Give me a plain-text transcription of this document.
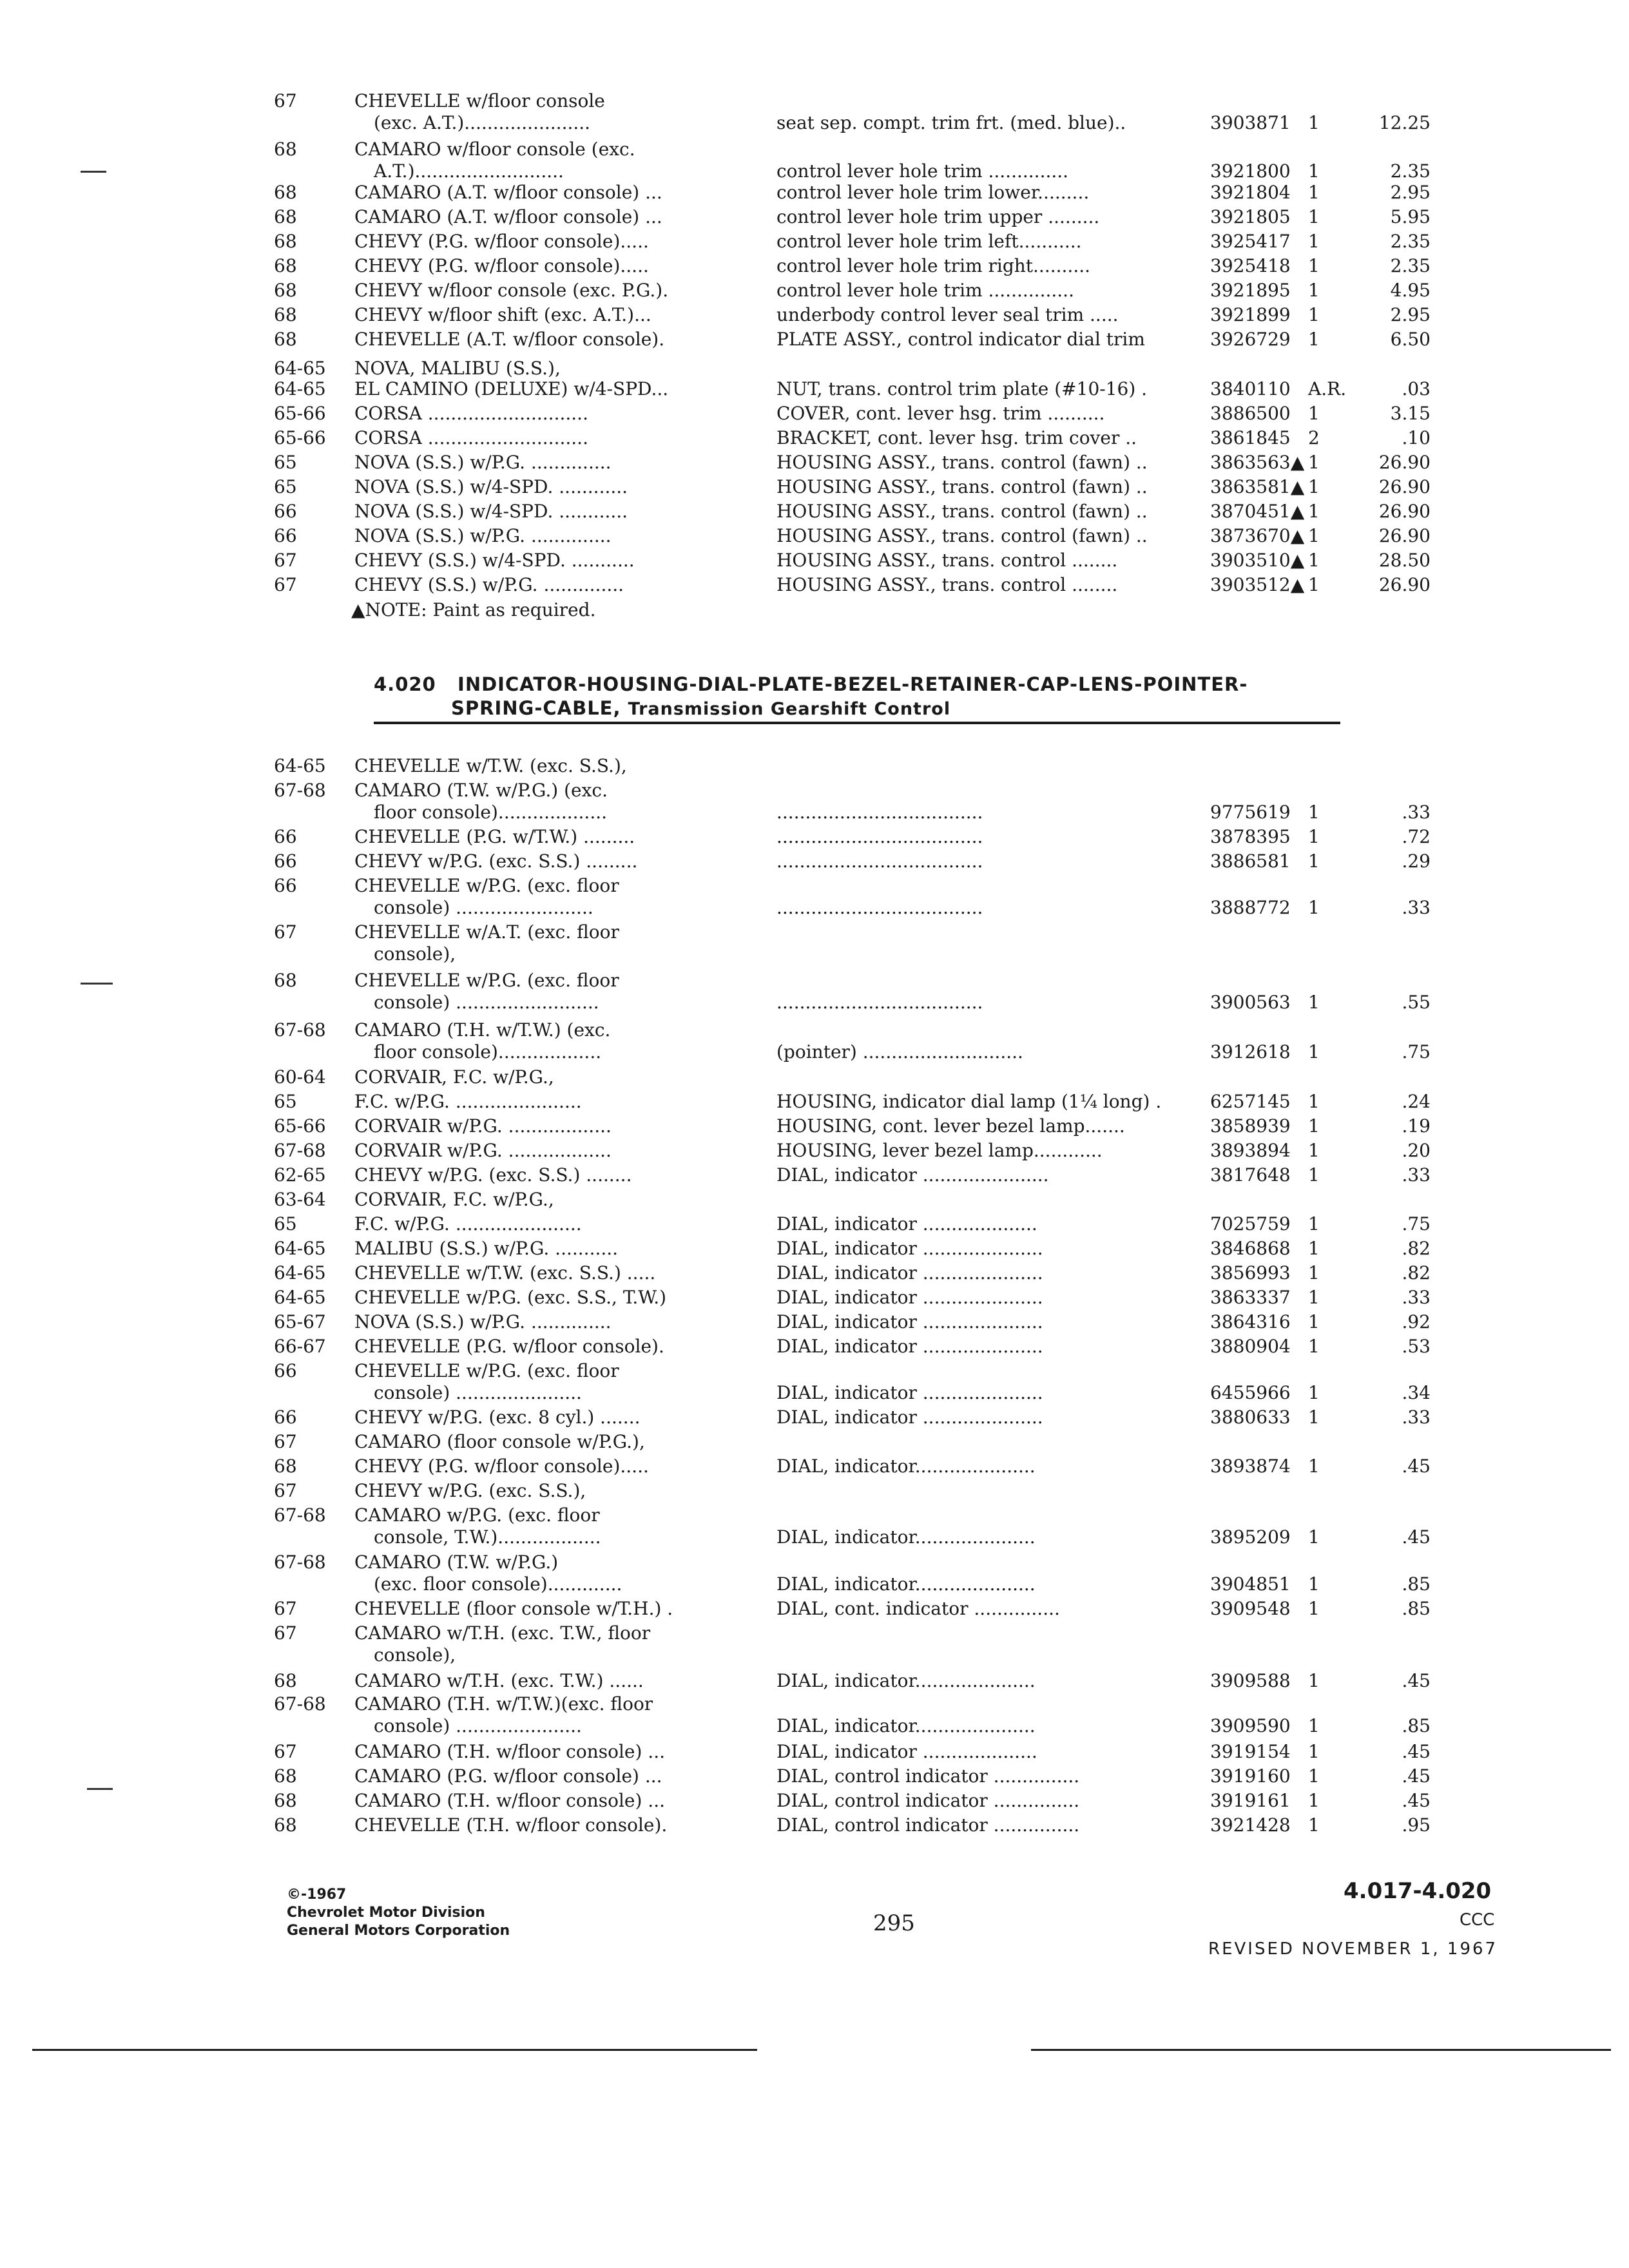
67	CHEVELLE w/floor console
(exc. A.T.)......................	seat sep. compt. trim frt. (med. blue)..	3903871 1	12.25
68	CAMARO w/floor console (exc.
A.T.)..........................	control lever hole trim ..............	3921800 1	2.35
68	CAMARO (A.T. w/floor console) ...	control lever hole trim lower.........	3921804 1	2.95
68	CAMARO (A.T. w/floor console) ...	control lever hole trim upper .........	3921805 1	5.95
68	CHEVY (P.G. w/floor console).....	control lever hole trim left...........	3925417 1	2.35
68	CHEVY (P.G. w/floor console).....	control lever hole trim right..........	3925418 1	2.35
68	CHEVY w/floor console (exc. P.G.).	control lever hole trim ...............	3921895 1	4.95
68	CHEVY w/floor shift (exc. A.T.)...	underbody control lever seal trim .....	3921899 1	2.95
68	CHEVELLE (A.T. w/floor console).	PLATE ASSY., control indicator dial trim	3926729 1	6.50
64-65 NOVA, MALIBU (S.S.),
64-65 EL CAMINO (DELUXE) w/4-SPD...	NUT, trans. control trim plate (#10-16) .	3840110 A.R.	.03
65-66 CORSA ............................	COVER, cont. lever hsg. trim ..........	3886500 1	3.15
65-66 CORSA ............................	BRACKET, cont. lever hsg. trim cover ..	3861845 2	.10
65	NOVA (S.S.) w/P.G. ..............	HOUSING ASSY., trans. control (fawn) ..	3863563▲ 1	26.90
65	NOVA (S.S.) w/4-SPD. ............	HOUSING ASSY., trans. control (fawn) ..	3863581▲ 1	26.90
66	NOVA (S.S.) w/4-SPD. ............	HOUSING ASSY., trans. control (fawn) ..	3870451▲ 1	26.90
66	NOVA (S.S.) w/P.G. ..............	HOUSING ASSY., trans. control (fawn) ..	3873670▲ 1	26.90
67	CHEVY (S.S.) w/4-SPD. ...........	HOUSING ASSY., trans. control ........	3903510▲ 1	28.50
67	CHEVY (S.S.) w/P.G. ..............	HOUSING ASSY., trans. control ........	3903512▲ 1	26.90
▲NOTE: Paint as required.
4.020 INDICATOR-HOUSING-DIAL-PLATE-BEZEL-RETAINER-CAP-LENS-POINTER-
SPRING-CABLE, Transmission Gearshift Control
64-65 CHEVELLE w/T.W. (exc. S.S.),
67-68 CAMARO (T.W. w/P.G.) (exc.
floor console)...................	....................................	9775619 1	.33
66	CHEVELLE (P.G. w/T.W.) .........	....................................	3878395 1	.72
66	CHEVY w/P.G. (exc. S.S.) .........	....................................	3886581 1	.29
66	CHEVELLE w/P.G. (exc. floor
console) ........................	....................................	3888772 1	.33
67	CHEVELLE w/A.T. (exc. floor
console),
68	CHEVELLE w/P.G. (exc. floor
console) .........................	....................................	3900563 1	.55
67-68 CAMARO (T.H. w/T.W.) (exc.
floor console)..................	(pointer) ............................	3912618 1	.75
60-64 CORVAIR, F.C. w/P.G.,
65	F.C. w/P.G. ......................	HOUSING, indicator dial lamp (1¼ long) .	6257145 1	.24
65-66 CORVAIR w/P.G. ..................	HOUSING, cont. lever bezel lamp.......	3858939 1	.19
67-68 CORVAIR w/P.G. ..................	HOUSING, lever bezel lamp............	3893894 1	.20
62-65 CHEVY w/P.G. (exc. S.S.) ........	DIAL, indicator ......................	3817648 1	.33
63-64 CORVAIR, F.C. w/P.G.,
65	F.C. w/P.G. ......................	DIAL, indicator ....................	7025759 1	.75
64-65 MALIBU (S.S.) w/P.G. ...........	DIAL, indicator .....................	3846868 1	.82
64-65 CHEVELLE w/T.W. (exc. S.S.) .....	DIAL, indicator .....................	3856993 1	.82
64-65 CHEVELLE w/P.G. (exc. S.S., T.W.)	DIAL, indicator .....................	3863337 1	.33
65-67 NOVA (S.S.) w/P.G. ..............	DIAL, indicator .....................	3864316 1	.92
66-67 CHEVELLE (P.G. w/floor console).	DIAL, indicator .....................	3880904 1	.53
66	CHEVELLE w/P.G. (exc. floor
console) ......................	DIAL, indicator .....................	6455966 1	.34
66	CHEVY w/P.G. (exc. 8 cyl.) .......	DIAL, indicator .....................	3880633 1	.33
67	CAMARO (floor console w/P.G.),
68	CHEVY (P.G. w/floor console).....	DIAL, indicator.....................	3893874 1	.45
67	CHEVY w/P.G. (exc. S.S.),
67-68 CAMARO w/P.G. (exc. floor
console, T.W.)..................	DIAL, indicator.....................	3895209 1	.45
67-68 CAMARO (T.W. w/P.G.)
(exc. floor console).............	DIAL, indicator.....................	3904851 1	.85
67	CHEVELLE (floor console w/T.H.) .	DIAL, cont. indicator ...............	3909548 1	.85
67	CAMARO w/T.H. (exc. T.W., floor
console),
68	CAMARO w/T.H. (exc. T.W.) ......	DIAL, indicator.....................	3909588 1	.45
67-68 CAMARO (T.H. w/T.W.)(exc. floor
console) ......................	DIAL, indicator.....................	3909590 1	.85
67	CAMARO (T.H. w/floor console) ...	DIAL, indicator ....................	3919154 1	.45
68	CAMARO (P.G. w/floor console) ...	DIAL, control indicator ...............	3919160 1	.45
68	CAMARO (T.H. w/floor console) ...	DIAL, control indicator ...............	3919161 1	.45
68	CHEVELLE (T.H. w/floor console).	DIAL, control indicator ...............	3921428 1	.95
©-1967
Chevrolet Motor Division
General Motors Corporation	295
4.017-4.020
CCC
REVISED NOVEMBER 1, 1967
